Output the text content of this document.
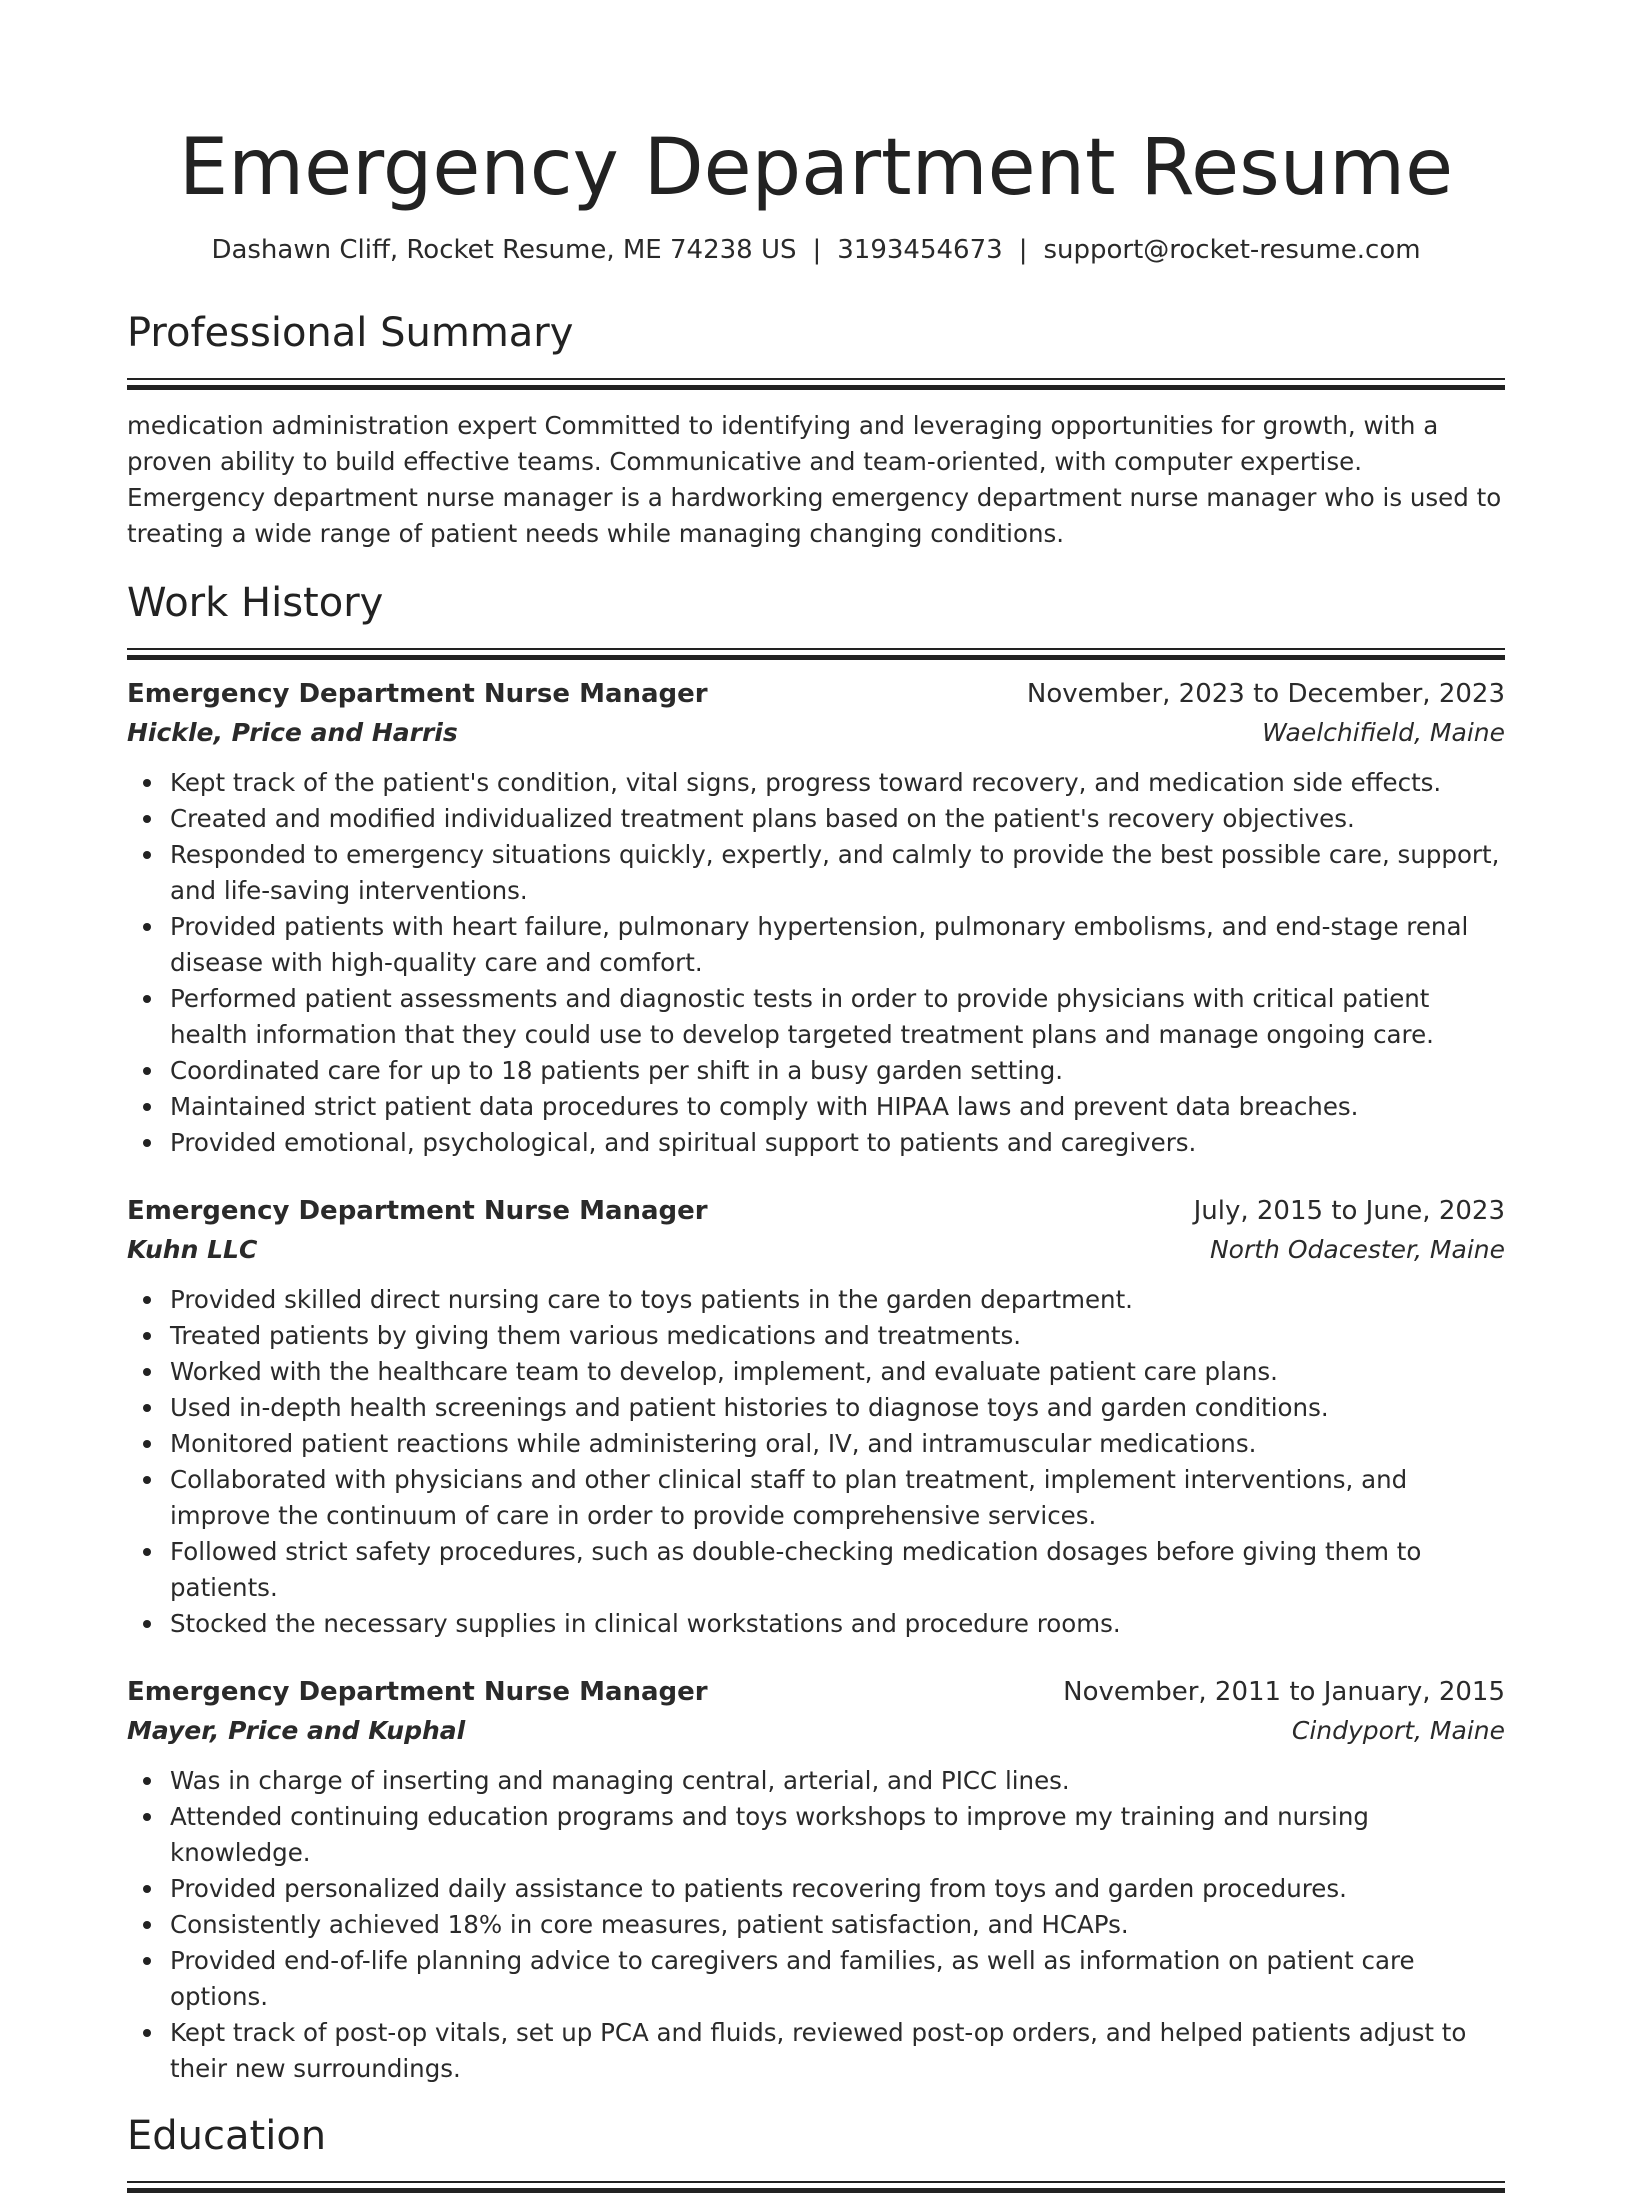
Emergency Department Resume
Dashawn Cliff, Rocket Resume, ME 74238 US | 3193454673 | support@rocket-resume.com
Professional Summary
medication administration expert Committed to identifying and leveraging opportunities for growth, with a proven ability to build effective teams. Communicative and team-oriented, with computer expertise. Emergency department nurse manager is a hardworking emergency department nurse manager who is used to treating a wide range of patient needs while managing changing conditions.
Work History
Emergency Department Nurse Manager	November, 2023 to December, 2023
Hickle, Price and Harris	Waelchifield, Maine
Kept track of the patient's condition, vital signs, progress toward recovery, and medication side effects.
Created and modified individualized treatment plans based on the patient's recovery objectives.
Responded to emergency situations quickly, expertly, and calmly to provide the best possible care, support, and life-saving interventions.
Provided patients with heart failure, pulmonary hypertension, pulmonary embolisms, and end-stage renal disease with high-quality care and comfort.
Performed patient assessments and diagnostic tests in order to provide physicians with critical patient health information that they could use to develop targeted treatment plans and manage ongoing care.
Coordinated care for up to 18 patients per shift in a busy garden setting.
Maintained strict patient data procedures to comply with HIPAA laws and prevent data breaches.
Provided emotional, psychological, and spiritual support to patients and caregivers.
Emergency Department Nurse Manager	July, 2015 to June, 2023
Kuhn LLC	North Odacester, Maine
Provided skilled direct nursing care to toys patients in the garden department.
Treated patients by giving them various medications and treatments.
Worked with the healthcare team to develop, implement, and evaluate patient care plans.
Used in-depth health screenings and patient histories to diagnose toys and garden conditions.
Monitored patient reactions while administering oral, IV, and intramuscular medications.
Collaborated with physicians and other clinical staff to plan treatment, implement interventions, and improve the continuum of care in order to provide comprehensive services.
Followed strict safety procedures, such as double-checking medication dosages before giving them to patients.
Stocked the necessary supplies in clinical workstations and procedure rooms.
Emergency Department Nurse Manager	November, 2011 to January, 2015
Mayer, Price and Kuphal	Cindyport, Maine
Was in charge of inserting and managing central, arterial, and PICC lines.
Attended continuing education programs and toys workshops to improve my training and nursing knowledge.
Provided personalized daily assistance to patients recovering from toys and garden procedures.
Consistently achieved 18% in core measures, patient satisfaction, and HCAPs.
Provided end-of-life planning advice to caregivers and families, as well as information on patient care options.
Kept track of post-op vitals, set up PCA and fluids, reviewed post-op orders, and helped patients adjust to their new surroundings.
Education
